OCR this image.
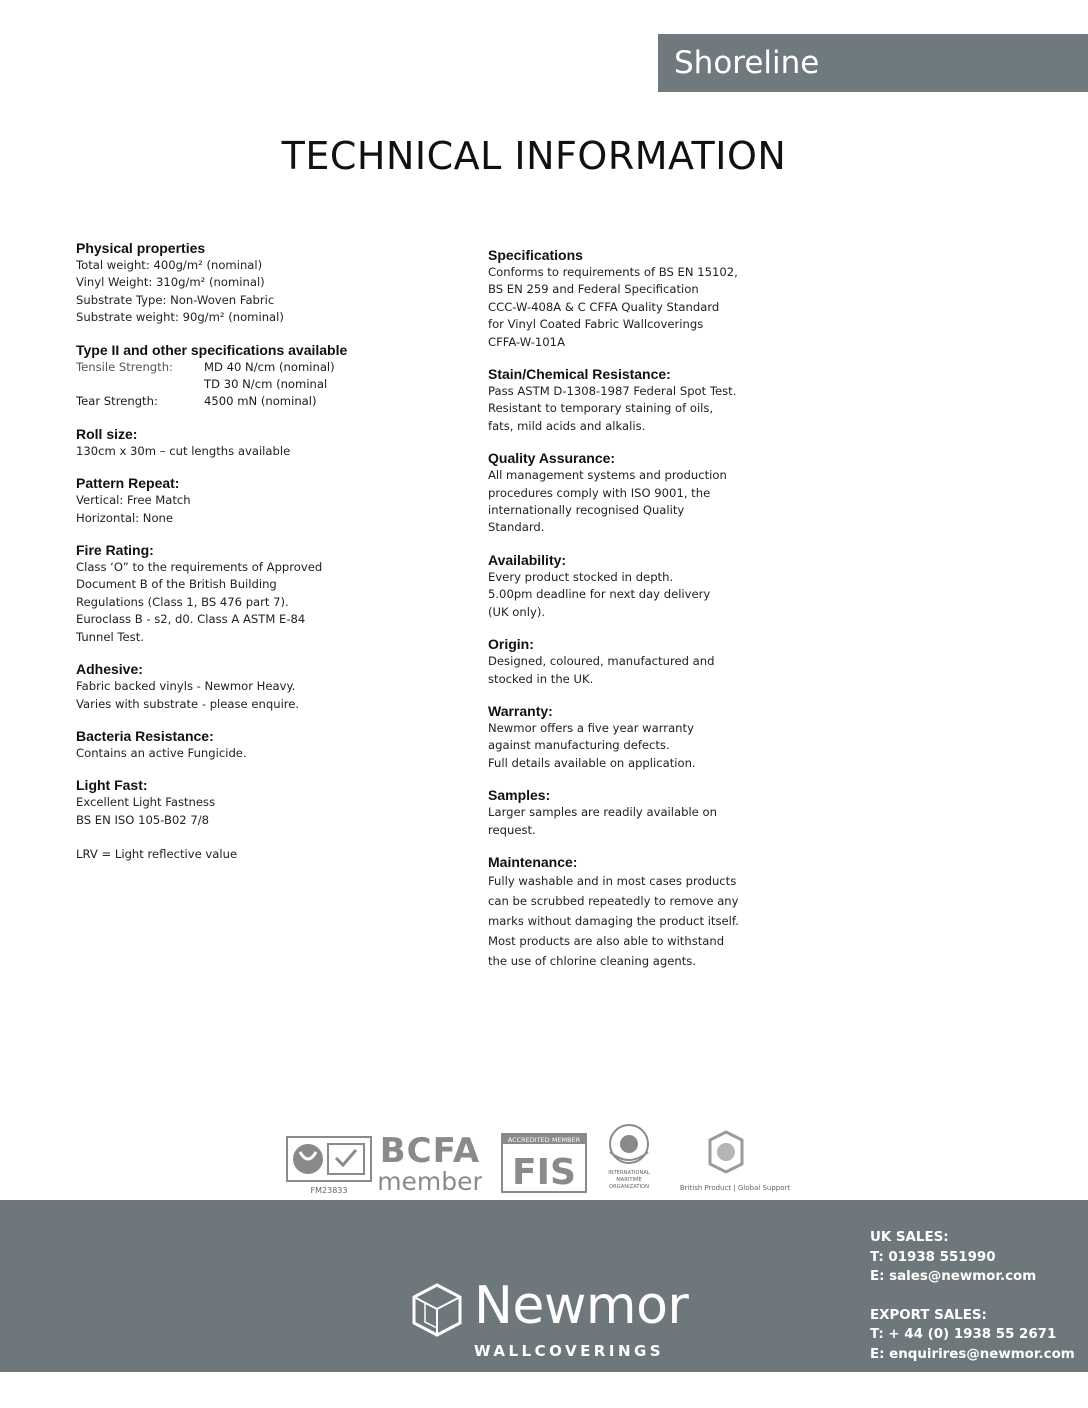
Shoreline
TECHNICAL INFORMATION
Physical properties
Total weight: 400g/m² (nominal)
Vinyl Weight: 310g/m² (nominal)
Substrate Type: Non-Woven Fabric
Substrate weight: 90g/m² (nominal)
Type II and other specifications available
Tensile Strength:	MD 40 N/cm (nominal)
TD 30 N/cm (nominal
Tear Strength:	4500 mN (nominal)
Roll size:
130cm x 30m – cut lengths available
Pattern Repeat:
Vertical: Free Match
Horizontal: None
Fire Rating:
Class ‘O” to the requirements of Approved
Document B of the British Building
Regulations (Class 1, BS 476 part 7).
Euroclass B - s2, d0. Class A ASTM E-84
Tunnel Test.
Adhesive:
Fabric backed vinyls - Newmor Heavy.
Varies with substrate - please enquire.
Bacteria Resistance:
Contains an active Fungicide.
Light Fast:
Excellent Light Fastness
BS EN ISO 105-B02 7/8
LRV = Light reflective value
Specifications
Conforms to requirements of BS EN 15102,
BS EN 259 and Federal Specification
CCC-W-408A & C CFFA Quality Standard
for Vinyl Coated Fabric Wallcoverings
CFFA-W-101A
Stain/Chemical Resistance:
Pass ASTM D-1308-1987 Federal Spot Test.
Resistant to temporary staining of oils,
fats, mild acids and alkalis.
Quality Assurance:
All management systems and production
procedures comply with ISO 9001, the
internationally recognised Quality
Standard.
Availability:
Every product stocked in depth.
5.00pm deadline for next day delivery
(UK only).
Origin:
Designed, coloured, manufactured and
stocked in the UK.
Warranty:
Newmor offers a five year warranty
against manufacturing defects.
Full details available on application.
Samples:
Larger samples are readily available on
request.
Maintenance:
Fully washable and in most cases products
can be scrubbed repeatedly to remove any
marks without damaging the product itself.
Most products are also able to withstand
the use of chlorine cleaning agents.
FM23833
BCFA
member
ACCREDITED MEMBER
FIS	INTERNATIONAL
MARITIME
ORGANIZATION	British Product | Global Support
Newmor
WALLCOVERINGS
UK SALES:
T: 01938 551990
E: sales@newmor.com
EXPORT SALES:
T: + 44 (0) 1938 55 2671
E: enquirires@newmor.com
